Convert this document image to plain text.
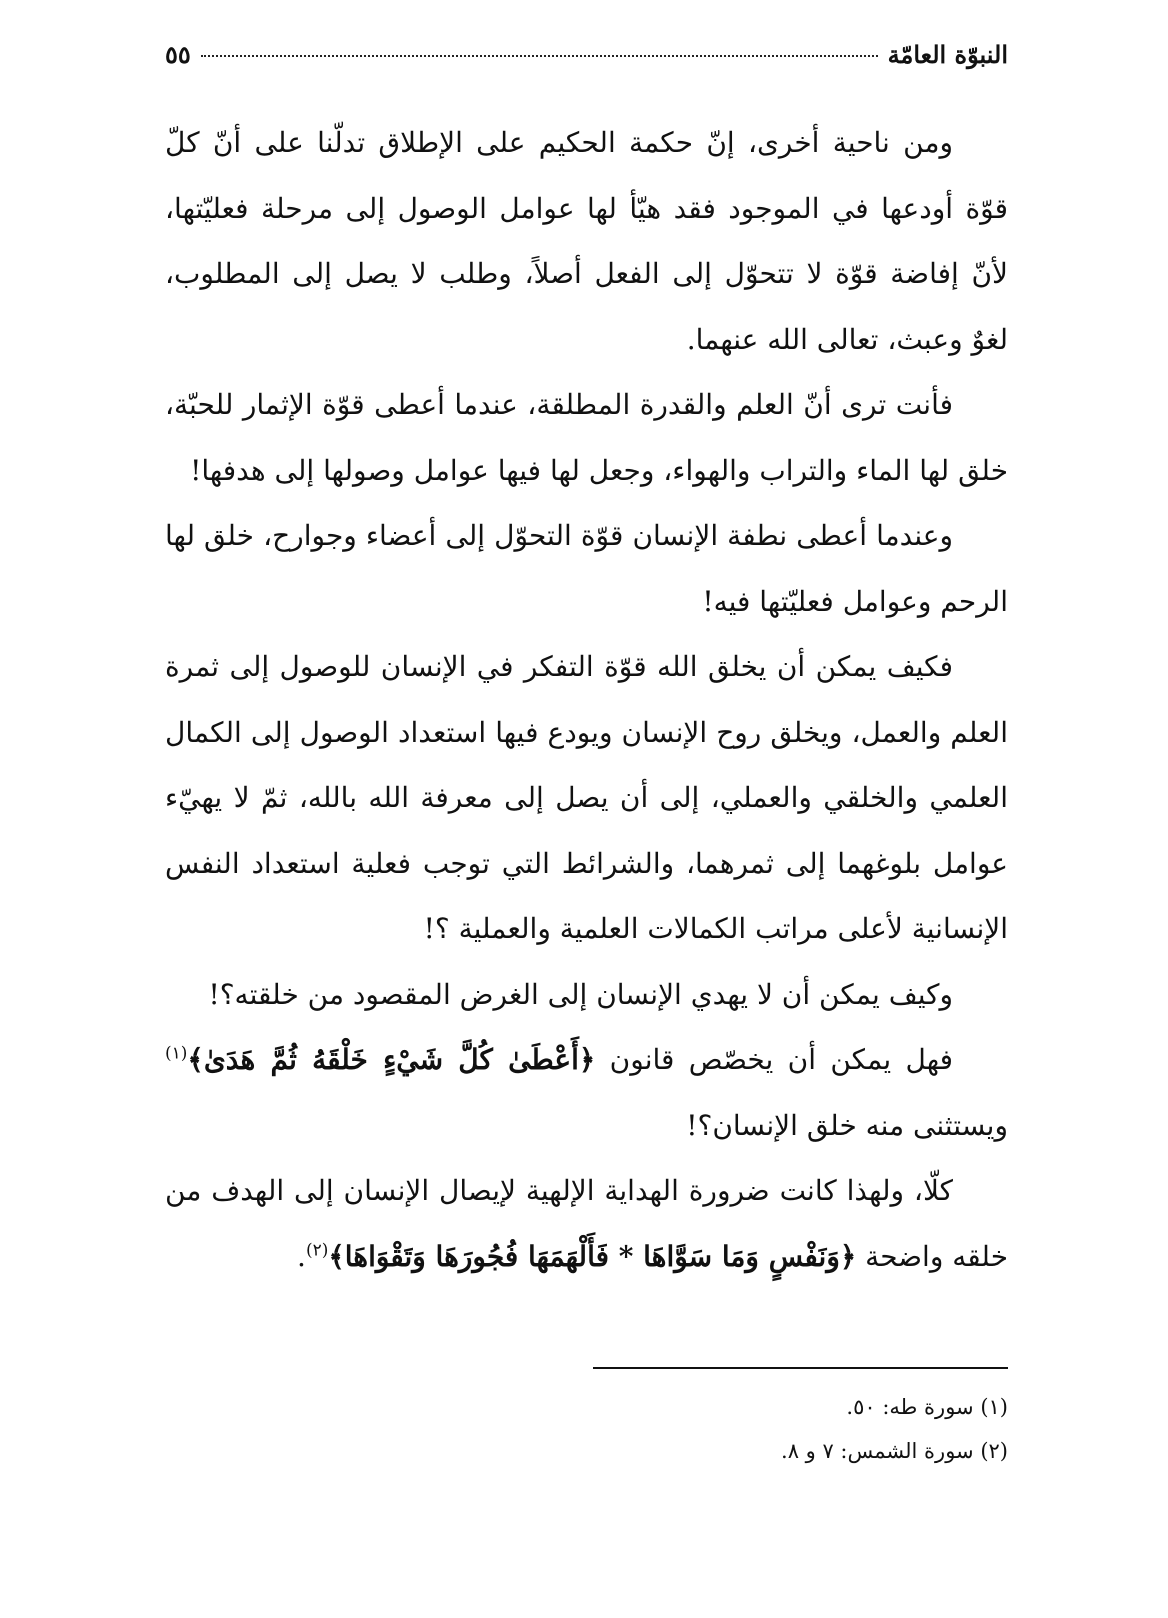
النبوّة العامّة
٥٥

ومن ناحية أخرى، إنّ حكمة الحكيم على الإطلاق تدلّنا على أنّ كلّ قوّة أودعها في الموجود فقد هيّأ لها عوامل الوصول إلى مرحلة فعليّتها، لأنّ إفاضة قوّة لا تتحوّل إلى الفعل أصلاً، وطلب لا يصل إلى المطلوب، لغوٌ وعبث، تعالى الله عنهما.

فأنت ترى أنّ العلم والقدرة المطلقة، عندما أعطى قوّة الإثمار للحبّة، خلق لها الماء والتراب والهواء، وجعل لها فيها عوامل وصولها إلى هدفها!

وعندما أعطى نطفة الإنسان قوّة التحوّل إلى أعضاء وجوارح، خلق لها الرحم وعوامل فعليّتها فيه!

فكيف يمكن أن يخلق الله قوّة التفكر في الإنسان للوصول إلى ثمرة العلم والعمل، ويخلق روح الإنسان ويودع فيها استعداد الوصول إلى الكمال العلمي والخلقي والعملي، إلى أن يصل إلى معرفة الله بالله، ثمّ لا يهيّء عوامل بلوغهما إلى ثمرهما، والشرائط التي توجب فعلية استعداد النفس الإنسانية لأعلى مراتب الكمالات العلمية والعملية ؟!

وكيف يمكن أن لا يهدي الإنسان إلى الغرض المقصود من خلقته؟!

فهل يمكن أن يخصّص قانون ﴿أَعْطَىٰ كُلَّ شَيْءٍ خَلْقَهُ ثُمَّ هَدَىٰ﴾$^{(١)}$ ويستثنى منه خلق الإنسان؟!

كلّا، ولهذا كانت ضرورة الهداية الإلهية لإيصال الإنسان إلى الهدف من خلقه واضحة ﴿وَنَفْسٍ وَمَا سَوَّاهَا * فَأَلْهَمَهَا فُجُورَهَا وَتَقْوَاهَا﴾$^{(٢)}$.

(١) سورة طه: ٥٠.

(٢) سورة الشمس: ٧ و ٨.
